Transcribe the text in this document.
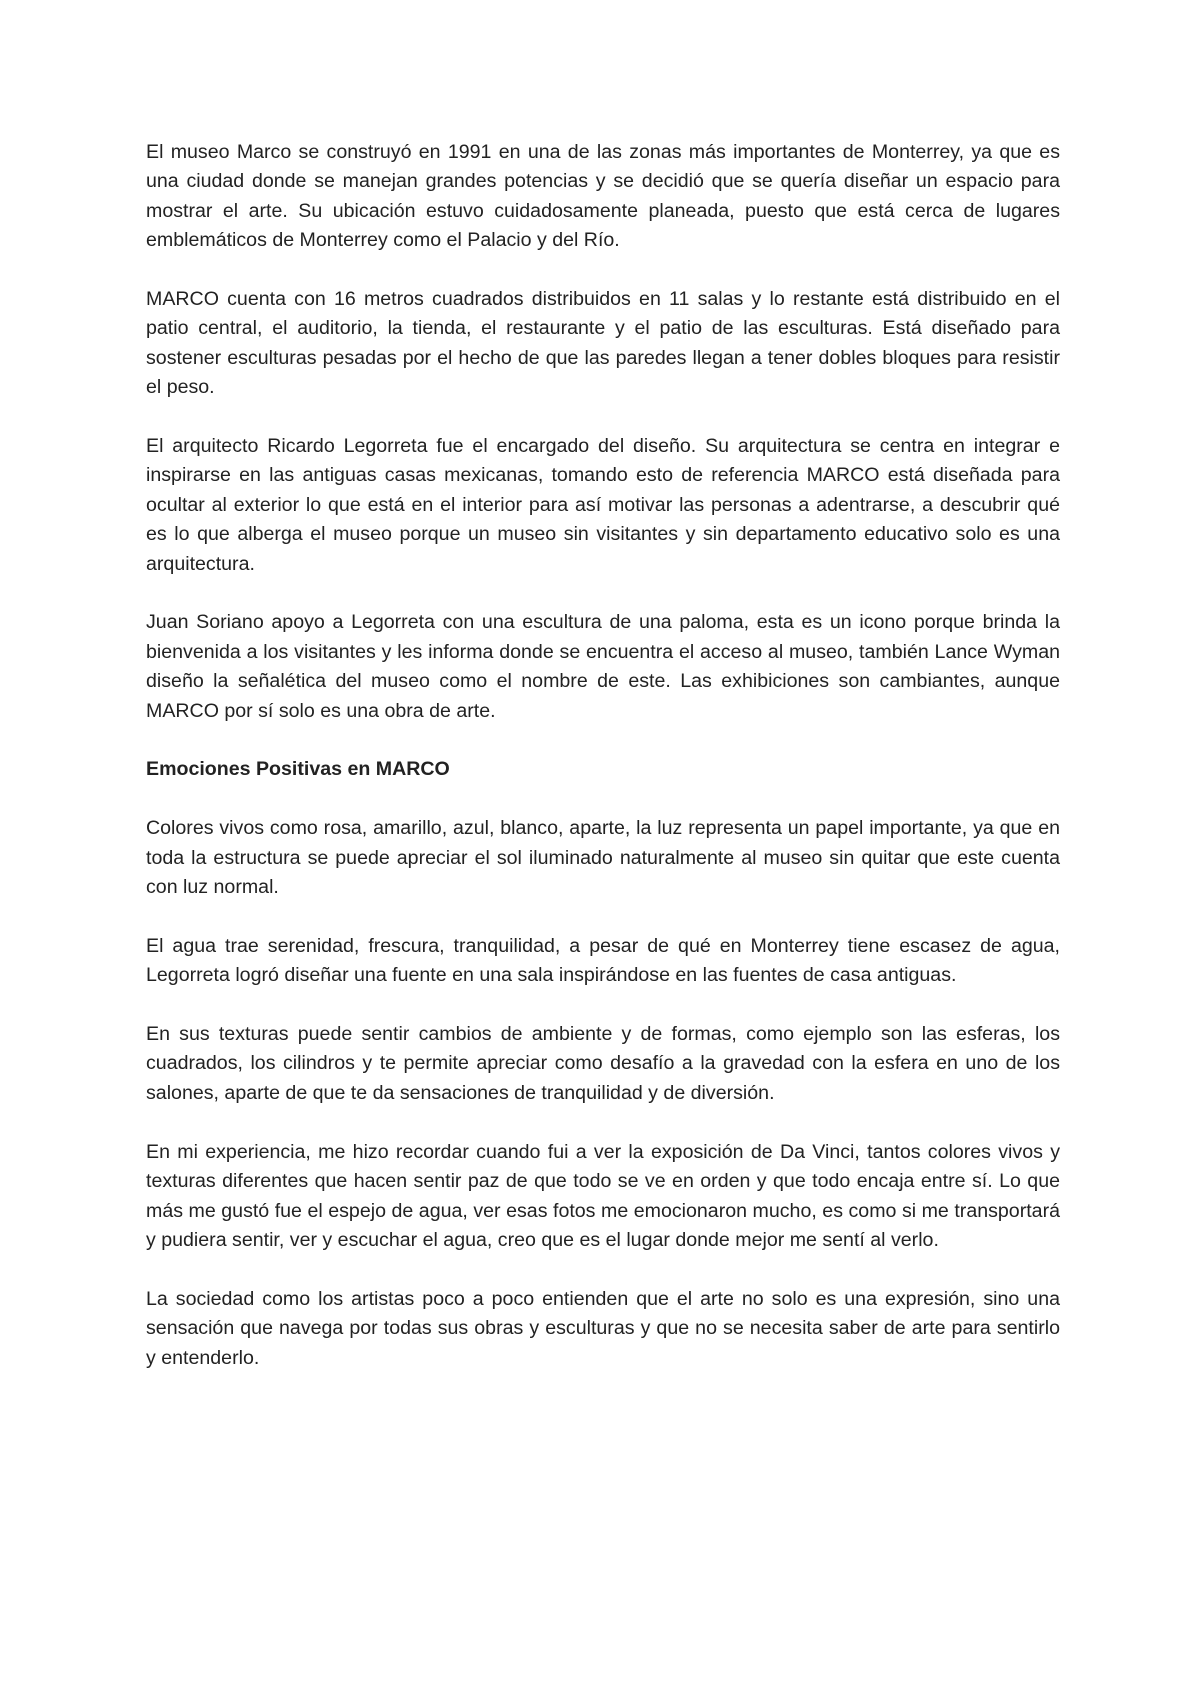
El museo Marco se construyó en 1991 en una de las zonas más importantes de Monterrey, ya que es una ciudad donde se manejan grandes potencias y se decidió que se quería diseñar un espacio para mostrar el arte. Su ubicación estuvo cuidadosamente planeada, puesto que está cerca de lugares emblemáticos de Monterrey como el Palacio y del Río.

MARCO cuenta con 16 metros cuadrados distribuidos en 11 salas y lo restante está distribuido en el patio central, el auditorio, la tienda, el restaurante y el patio de las esculturas. Está diseñado para sostener esculturas pesadas por el hecho de que las paredes llegan a tener dobles bloques para resistir el peso.

El arquitecto Ricardo Legorreta fue el encargado del diseño. Su arquitectura se centra en integrar e inspirarse en las antiguas casas mexicanas, tomando esto de referencia MARCO está diseñada para ocultar al exterior lo que está en el interior para así motivar las personas a adentrarse, a descubrir qué es lo que alberga el museo porque un museo sin visitantes y sin departamento educativo solo es una arquitectura.

Juan Soriano apoyo a Legorreta con una escultura de una paloma, esta es un icono porque brinda la bienvenida a los visitantes y les informa donde se encuentra el acceso al museo, también Lance Wyman diseño la señalética del museo como el nombre de este. Las exhibiciones son cambiantes, aunque MARCO por sí solo es una obra de arte.

Emociones Positivas en MARCO

Colores vivos como rosa, amarillo, azul, blanco, aparte, la luz representa un papel importante, ya que en toda la estructura se puede apreciar el sol iluminado naturalmente al museo sin quitar que este cuenta con luz normal.

El agua trae serenidad, frescura, tranquilidad, a pesar de qué en Monterrey tiene escasez de agua, Legorreta logró diseñar una fuente en una sala inspirándose en las fuentes de casa antiguas.

En sus texturas puede sentir cambios de ambiente y de formas, como ejemplo son las esferas, los cuadrados, los cilindros y te permite apreciar como desafío a la gravedad con la esfera en uno de los salones, aparte de que te da sensaciones de tranquilidad y de diversión.

En mi experiencia, me hizo recordar cuando fui a ver la exposición de Da Vinci, tantos colores vivos y texturas diferentes que hacen sentir paz de que todo se ve en orden y que todo encaja entre sí. Lo que más me gustó fue el espejo de agua, ver esas fotos me emocionaron mucho, es como si me transportará y pudiera sentir, ver y escuchar el agua, creo que es el lugar donde mejor me sentí al verlo.

La sociedad como los artistas poco a poco entienden que el arte no solo es una expresión, sino una sensación que navega por todas sus obras y esculturas y que no se necesita saber de arte para sentirlo y entenderlo.
